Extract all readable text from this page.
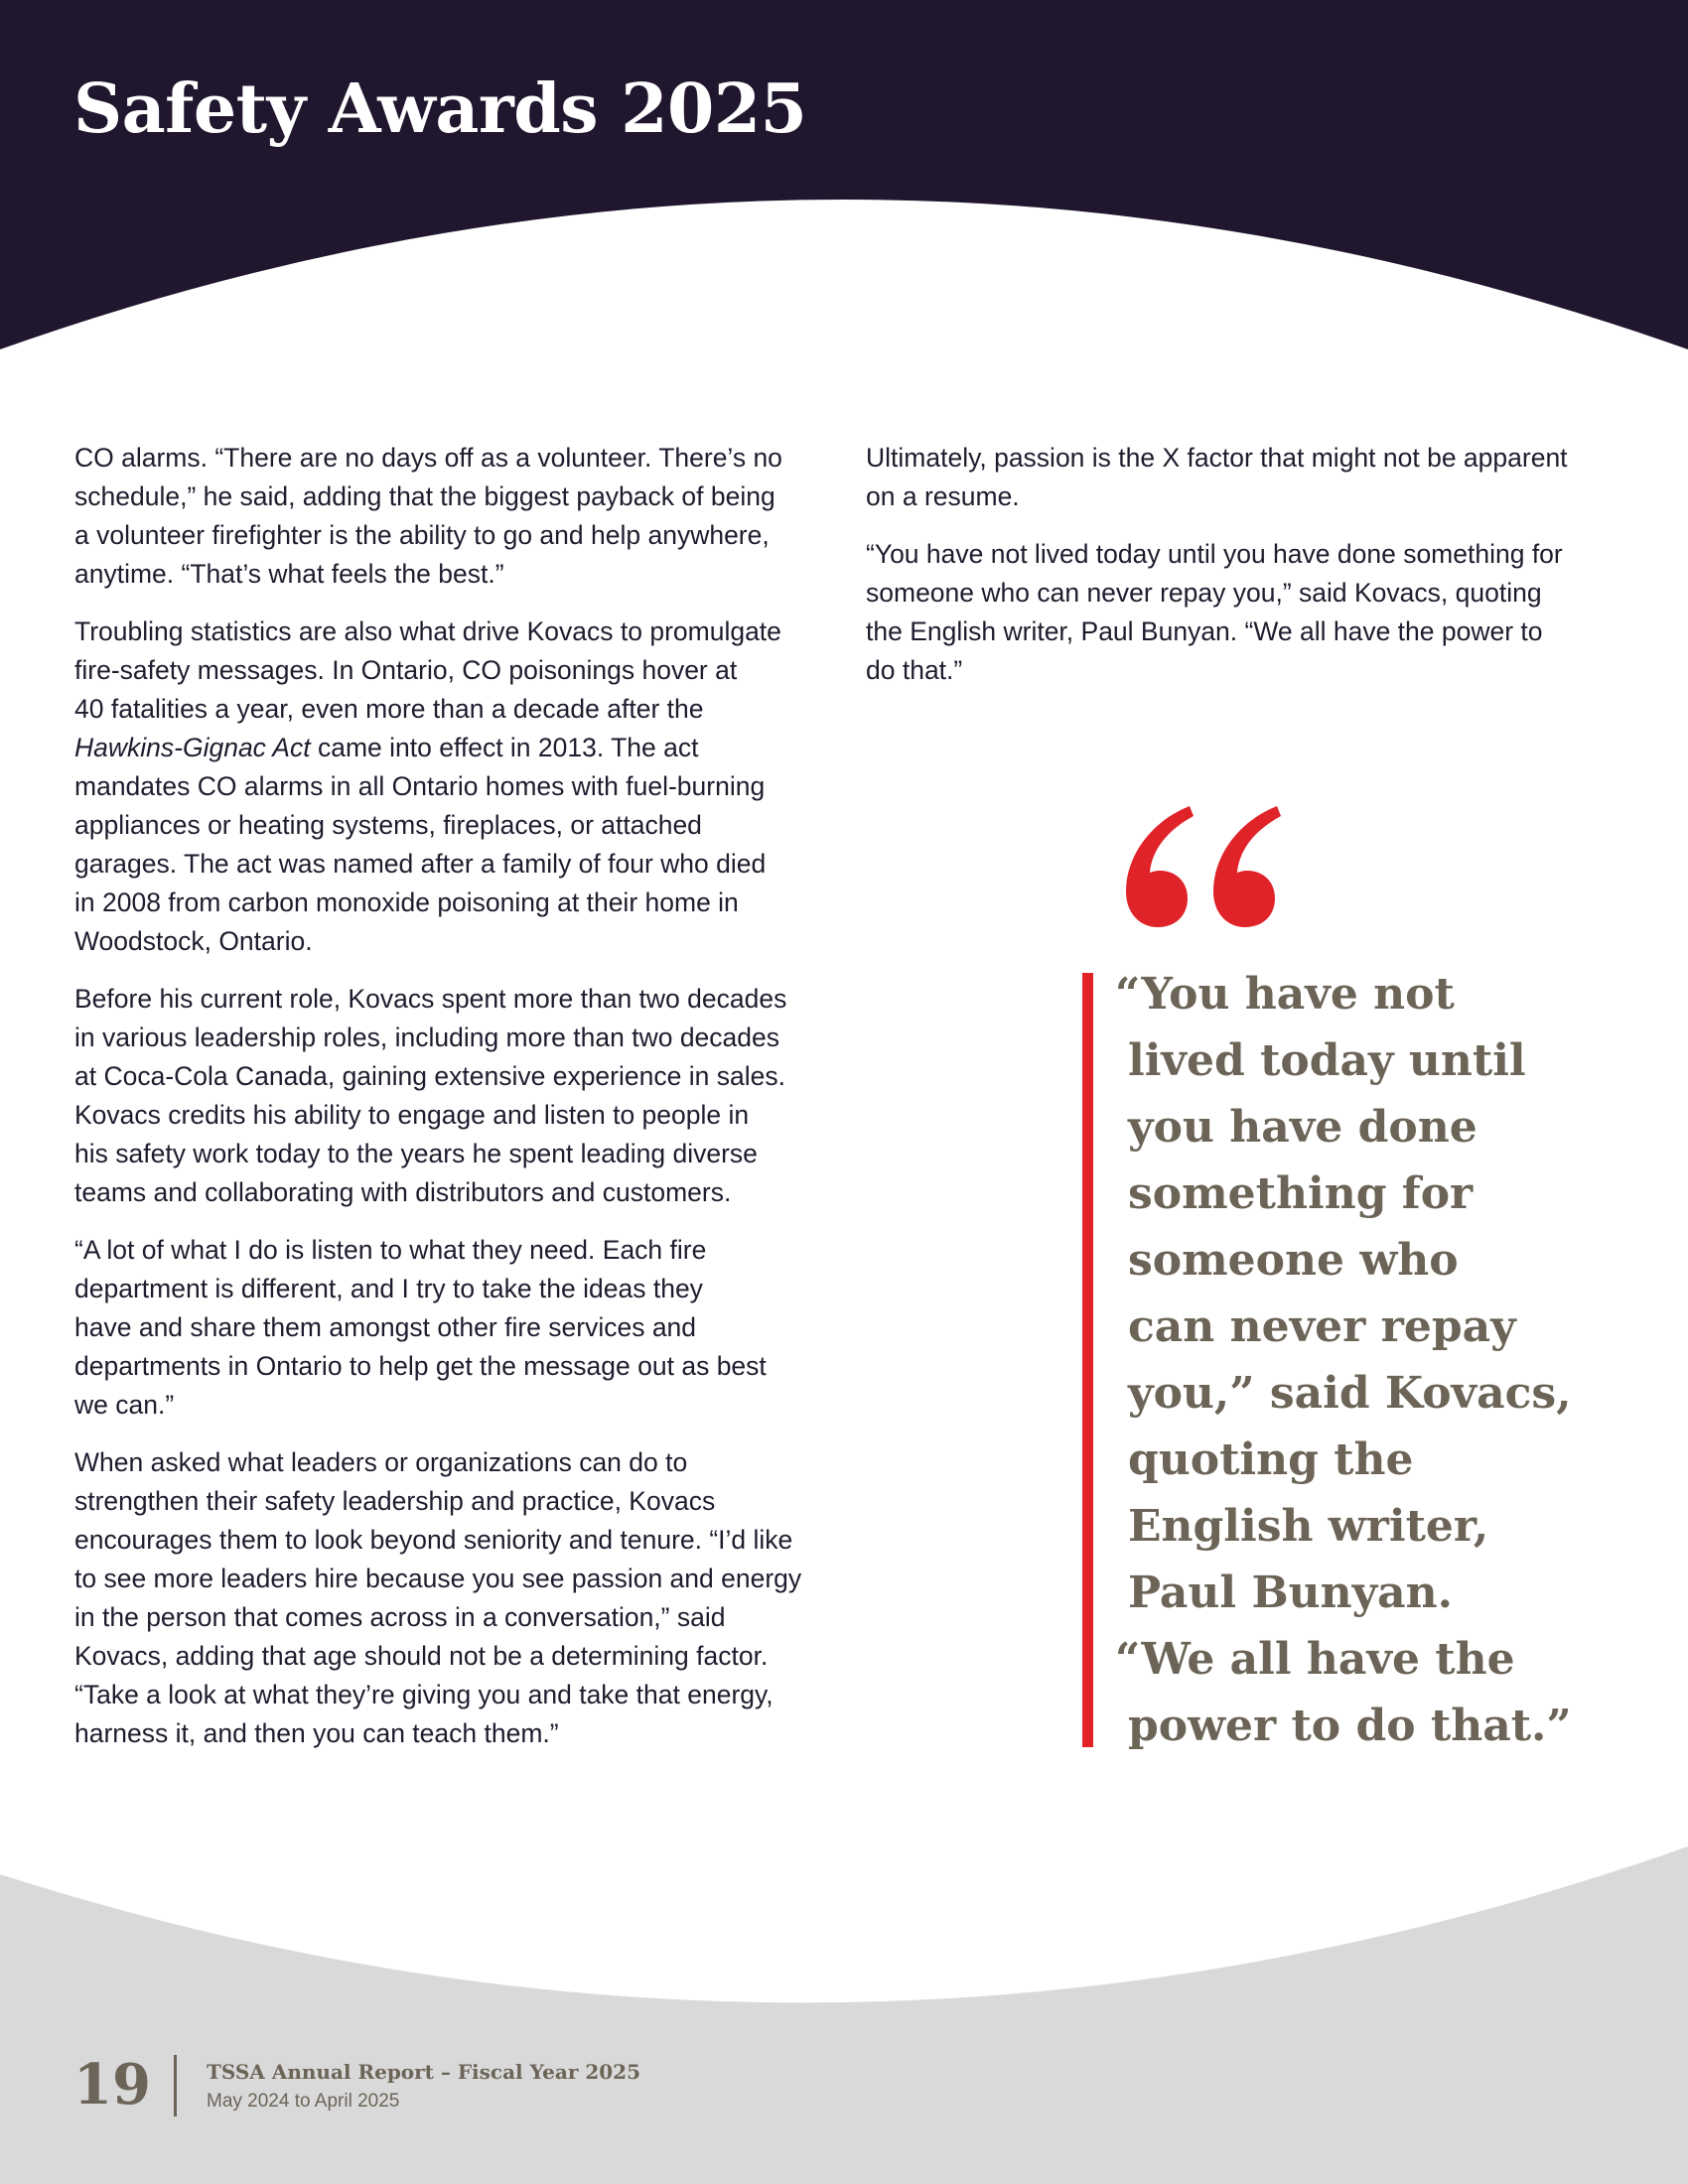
Safety Awards 2025

CO alarms. “There are no days off as a volunteer. There’s no
schedule,” he said, adding that the biggest payback of being
a volunteer firefighter is the ability to go and help anywhere,
anytime. “That’s what feels the best.”

Troubling statistics are also what drive Kovacs to promulgate
fire-safety messages. In Ontario, CO poisonings hover at
40 fatalities a year, even more than a decade after the
Hawkins-Gignac Act came into effect in 2013. The act
mandates CO alarms in all Ontario homes with fuel-burning
appliances or heating systems, fireplaces, or attached
garages. The act was named after a family of four who died
in 2008 from carbon monoxide poisoning at their home in
Woodstock, Ontario.

Before his current role, Kovacs spent more than two decades
in various leadership roles, including more than two decades
at Coca-Cola Canada, gaining extensive experience in sales.
Kovacs credits his ability to engage and listen to people in
his safety work today to the years he spent leading diverse
teams and collaborating with distributors and customers.

“A lot of what I do is listen to what they need. Each fire
department is different, and I try to take the ideas they
have and share them amongst other fire services and
departments in Ontario to help get the message out as best
we can.”

When asked what leaders or organizations can do to
strengthen their safety leadership and practice, Kovacs
encourages them to look beyond seniority and tenure. “I’d like
to see more leaders hire because you see passion and energy
in the person that comes across in a conversation,” said
Kovacs, adding that age should not be a determining factor.
“Take a look at what they’re giving you and take that energy,
harness it, and then you can teach them.”

Ultimately, passion is the X factor that might not be apparent
on a resume.

“You have not lived today until you have done something for
someone who can never repay you,” said Kovacs, quoting
the English writer, Paul Bunyan. “We all have the power to
do that.”

“You have not
lived today until
you have done
something for
someone who
can never repay
you,” said Kovacs,
quoting the
English writer,
Paul Bunyan.
“We all have the
power to do that.”
19	TSSA Annual Report – Fiscal Year 2025
May 2024 to April 2025
